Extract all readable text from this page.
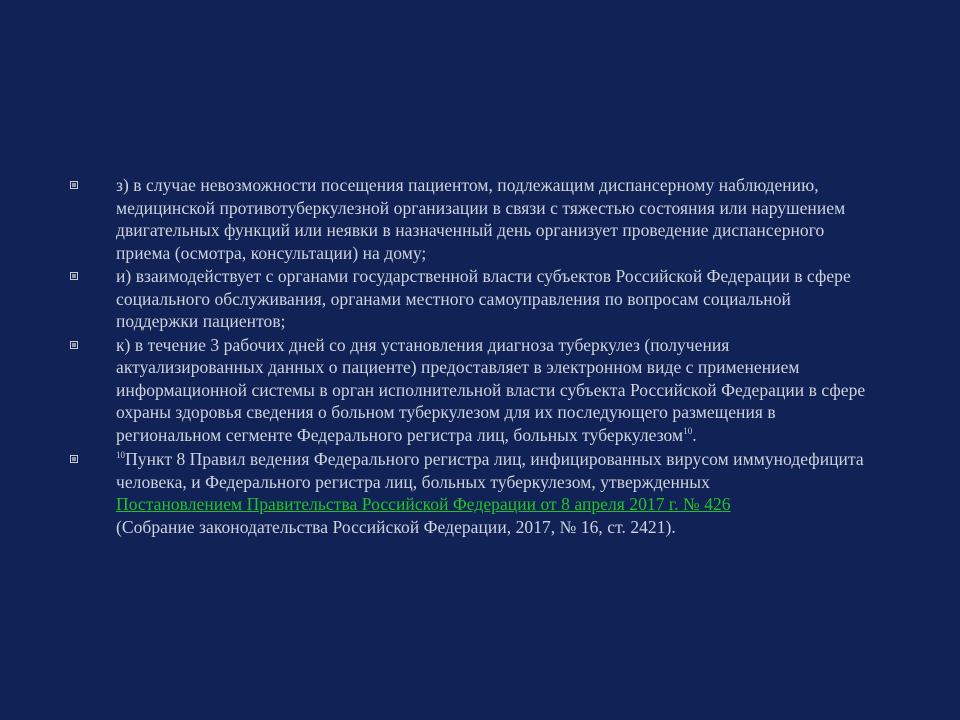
з) в случае невозможности посещения пациентом, подлежащим диспансерному наблюдению, медицинской противотуберкулезной организации в связи с тяжестью состояния или нарушением двигательных функций или неявки в назначенный день организует проведение диспансерного приема (осмотра, консультации) на дому;
и) взаимодействует с органами государственной власти субъектов Российской Федерации в сфере социального обслуживания, органами местного самоуправления по вопросам социальной поддержки пациентов;
к) в течение 3 рабочих дней со дня установления диагноза туберкулез (получения актуализированных данных о пациенте) предоставляет в электронном виде с применением информационной системы в орган исполнительной власти субъекта Российской Федерации в сфере охраны здоровья сведения о больном туберкулезом для их последующего размещения в региональном сегменте Федерального регистра лиц, больных туберкулезом$^{10}$.
$^{10}$Пункт 8 Правил ведения Федерального регистра лиц, инфицированных вирусом иммунодефицита человека, и Федерального регистра лиц, больных туберкулезом, утвержденных
Постановлением Правительства Российской Федерации от 8 апреля 2017 г. № 426
(Собрание законодательства Российской Федерации, 2017, № 16, ст. 2421).
